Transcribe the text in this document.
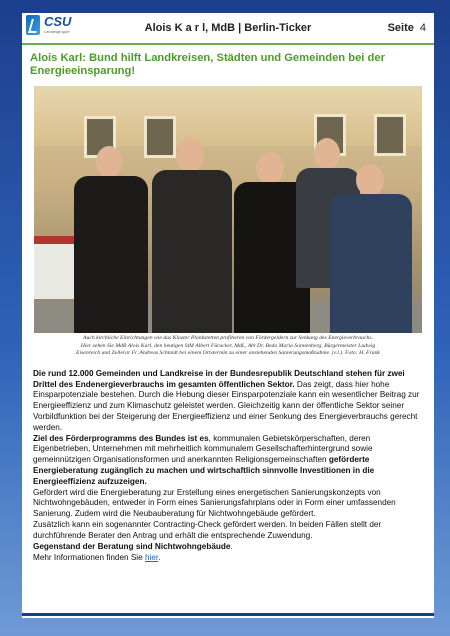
CSU
Landesgruppe	Alois K a r l, MdB | Berlin-Ticker	Seite 4
Alois Karl: Bund hilft Landkreisen, Städten und Gemeinden bei der Energieeinsparung!
Auch kirchliche Einrichtungen wie das Kloster Plankstetten profitieren von Fördergeldern zur Senkung des Energieverbrauchs.
Hier sehen Sie MdB Alois Karl, den heutigen StM Albert Füracker, MdL, Abt Dr. Beda Maria Sonnenberg, Bürgermeister Ludwig
Eisenreich und Zellerar Fr. Andreas Schmidt bei einem Ortstermin zu einer anstehenden Sanierungsmaßnahme. (v.l.). Foto: H. Frank

Die rund 12.000 Gemeinden und Landkreise in der Bundesrepublik Deutschland stehen für zwei Drittel des Endenergieverbrauchs im gesamten öffentlichen Sektor. Das zeigt, dass hier hohe Einsparpotenziale bestehen. Durch die Hebung dieser Einsparpotenziale kann ein wesentlicher Beitrag zur Energieeffizienz und zum Klimaschutz geleistet werden. Gleichzeitig kann der öffentliche Sektor seiner Vorbildfunktion bei der Steigerung der Energieeffizienz und einer Senkung des Energieverbrauchs gerecht werden.

Ziel des Förderprogramms des Bundes ist es, kommunalen Gebietskörperschaften, deren Eigenbetrieben, Unternehmen mit mehrheitlich kommunalem Gesellschafterhintergrund sowie gemeinnützigen Organisationsformen und anerkannten Religionsgemeinschaften geförderte Energieberatung zugänglich zu machen und wirtschaftlich sinnvolle Investitionen in die Energieeffizienz aufzuzeigen.

Gefördert wird die Energieberatung zur Erstellung eines energetischen Sanierungskonzepts von Nichtwohngebäuden, entweder in Form eines Sanierungsfahrplans oder in Form einer umfassenden Sanierung. Zudem wird die Neubauberatung für Nichtwohngebäude gefördert.

Zusätzlich kann ein sogenannter Contracting-Check gefördert werden. In beiden Fällen stellt der durchführende Berater den Antrag und erhält die entsprechende Zuwendung.

Gegenstand der Beratung sind Nichtwohngebäude.

Mehr Informationen finden Sie hier.
